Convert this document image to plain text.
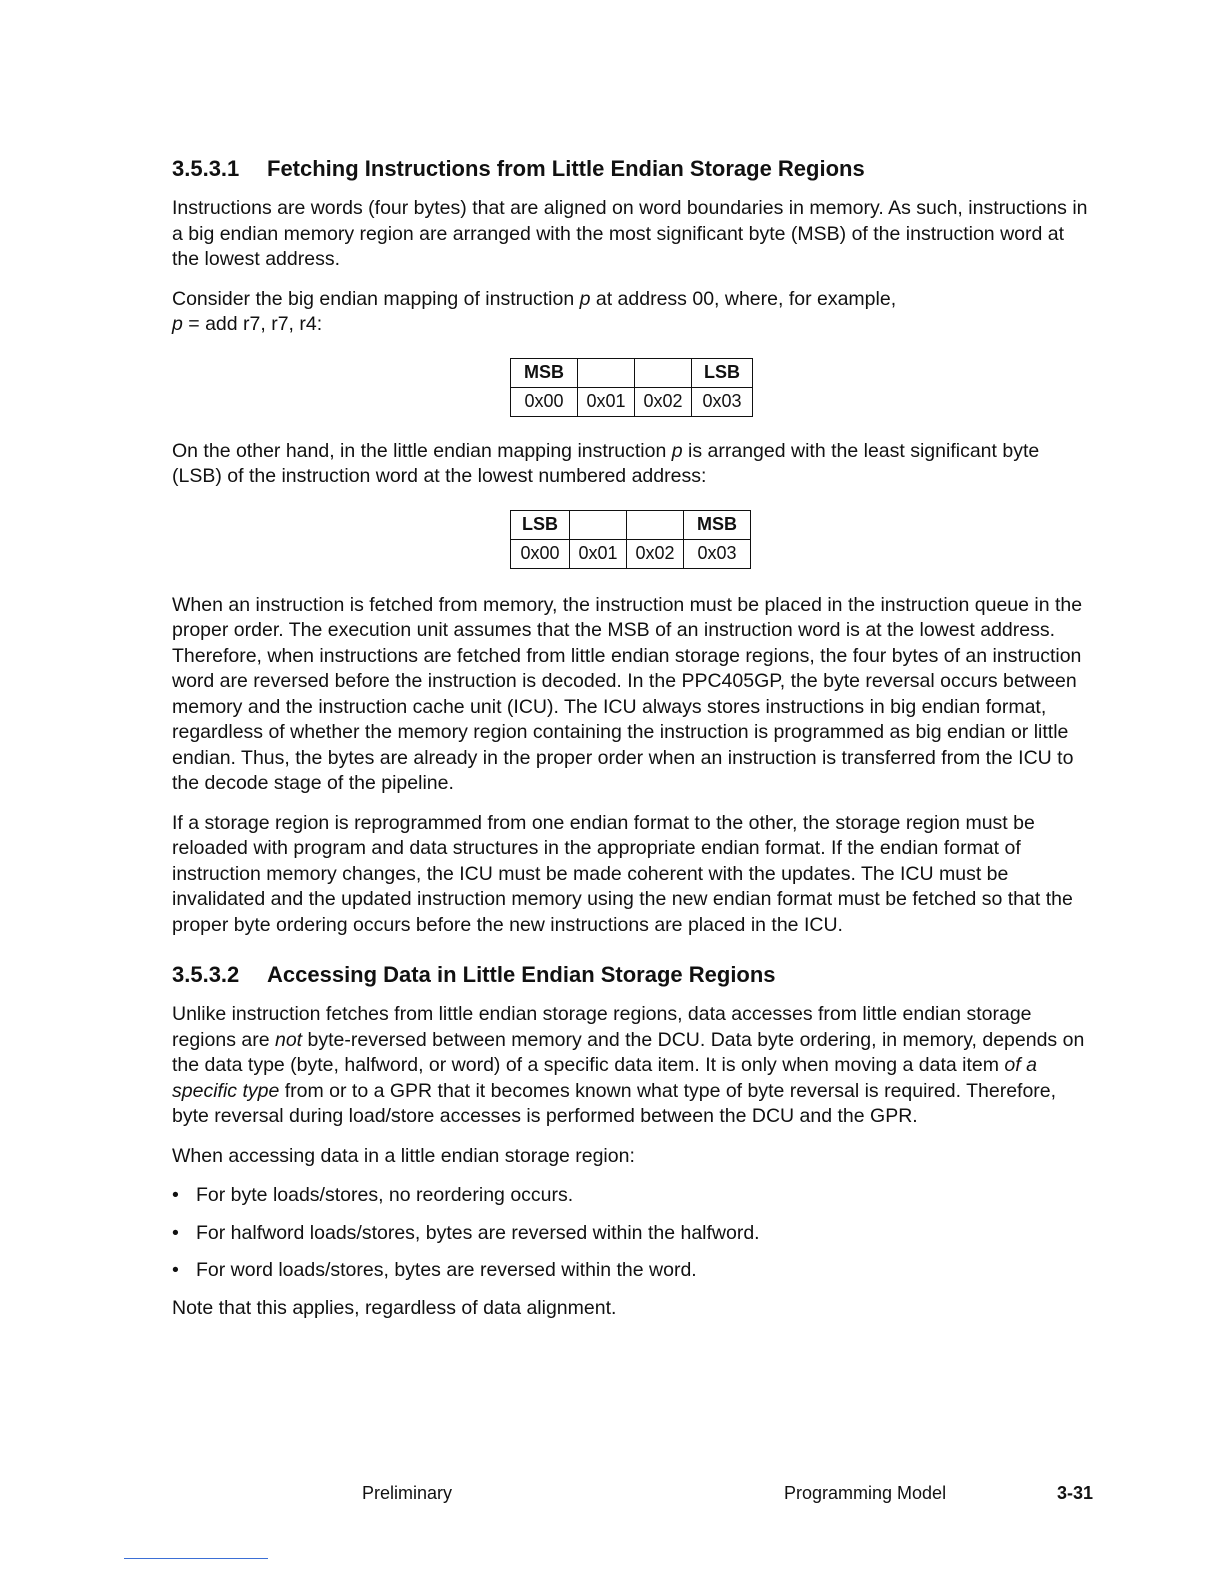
3.5.3.1 Fetching Instructions from Little Endian Storage Regions

Instructions are words (four bytes) that are aligned on word boundaries in memory. As such, instructions in a big endian memory region are arranged with the most significant byte (MSB) of the instruction word at the lowest address.

Consider the big endian mapping of instruction p at address 00, where, for example,
p = add r7, r7, r4:

MSB			LSB
0x00	0x01	0x02	0x03

On the other hand, in the little endian mapping instruction p is arranged with the least significant byte (LSB) of the instruction word at the lowest numbered address:

LSB			MSB
0x00	0x01	0x02	0x03

When an instruction is fetched from memory, the instruction must be placed in the instruction queue in the proper order. The execution unit assumes that the MSB of an instruction word is at the lowest address. Therefore, when instructions are fetched from little endian storage regions, the four bytes of an instruction word are reversed before the instruction is decoded. In the PPC405GP, the byte reversal occurs between memory and the instruction cache unit (ICU). The ICU always stores instructions in big endian format, regardless of whether the memory region containing the instruction is programmed as big endian or little endian. Thus, the bytes are already in the proper order when an instruction is transferred from the ICU to the decode stage of the pipeline.

If a storage region is reprogrammed from one endian format to the other, the storage region must be reloaded with program and data structures in the appropriate endian format. If the endian format of instruction memory changes, the ICU must be made coherent with the updates. The ICU must be invalidated and the updated instruction memory using the new endian format must be fetched so that the proper byte ordering occurs before the new instructions are placed in the ICU.

3.5.3.2 Accessing Data in Little Endian Storage Regions

Unlike instruction fetches from little endian storage regions, data accesses from little endian storage regions are not byte-reversed between memory and the DCU. Data byte ordering, in memory, depends on the data type (byte, halfword, or word) of a specific data item. It is only when moving a data item of a specific type from or to a GPR that it becomes known what type of byte reversal is required. Therefore, byte reversal during load/store accesses is performed between the DCU and the GPR.

When accessing data in a little endian storage region:

• For byte loads/stores, no reordering occurs.
• For halfword loads/stores, bytes are reversed within the halfword.
• For word loads/stores, bytes are reversed within the word.

Note that this applies, regardless of data alignment.

Preliminary	Programming Model	3-31
